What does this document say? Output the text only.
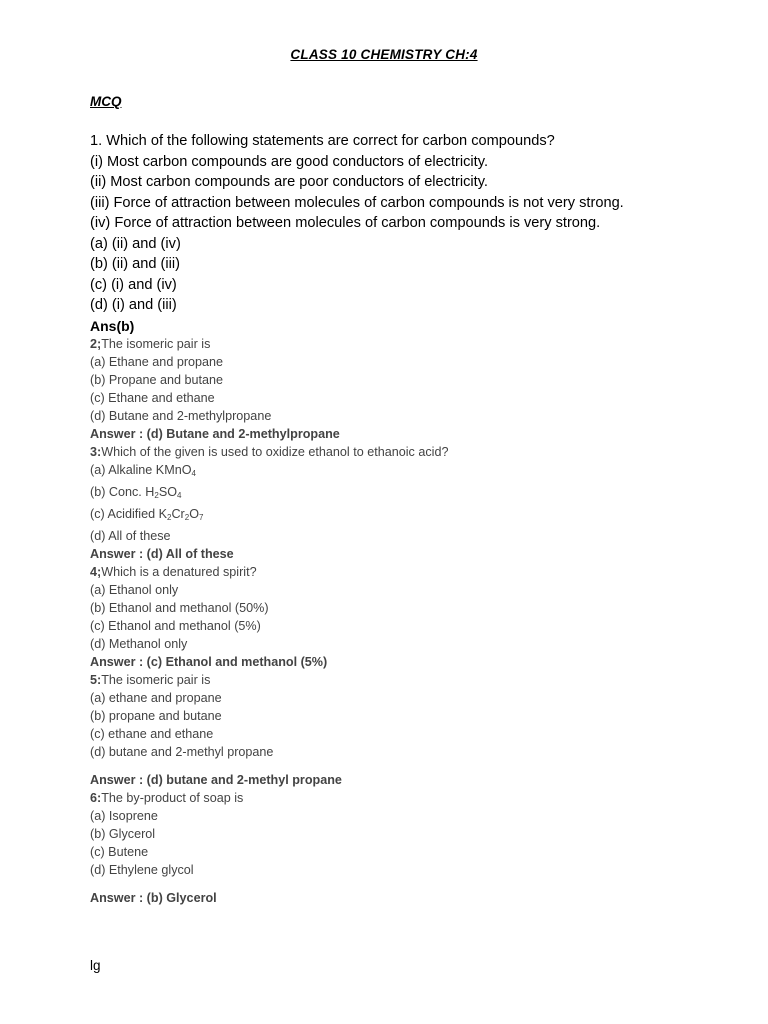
CLASS 10 CHEMISTRY CH:4
MCQ
1. Which of the following statements are correct for carbon compounds?
(i) Most carbon compounds are good conductors of electricity.
(ii) Most carbon compounds are poor conductors of electricity.
(iii) Force of attraction between molecules of carbon compounds is not very strong.
(iv) Force of attraction between molecules of carbon compounds is very strong.
(a) (ii) and (iv)
(b) (ii) and (iii)
(c) (i) and (iv)
(d) (i) and (iii)
Ans(b)
2;The isomeric pair is
(a) Ethane and propane
(b) Propane and butane
(c) Ethane and ethane
(d) Butane and 2-methylpropane
Answer : (d) Butane and 2-methylpropane
3:Which of the given is used to oxidize ethanol to ethanoic acid?
(a) Alkaline KMnO$_4$
(b) Conc. $H_2SO_4$
(c) Acidified $K_2Cr_2O_7$
(d) All of these
Answer : (d) All of these
4;Which is a denatured spirit?
(a) Ethanol only
(b) Ethanol and methanol (50%)
(c) Ethanol and methanol (5%)
(d) Methanol only
Answer : (c) Ethanol and methanol (5%)
5:The isomeric pair is
(a) ethane and propane
(b) propane and butane
(c) ethane and ethane
(d) butane and 2-methyl propane
Answer : (d) butane and 2-methyl propane
6:The by-product of soap is
(a) Isoprene
(b) Glycerol
(c) Butene
(d) Ethylene glycol
Answer : (b) Glycerol
lg
